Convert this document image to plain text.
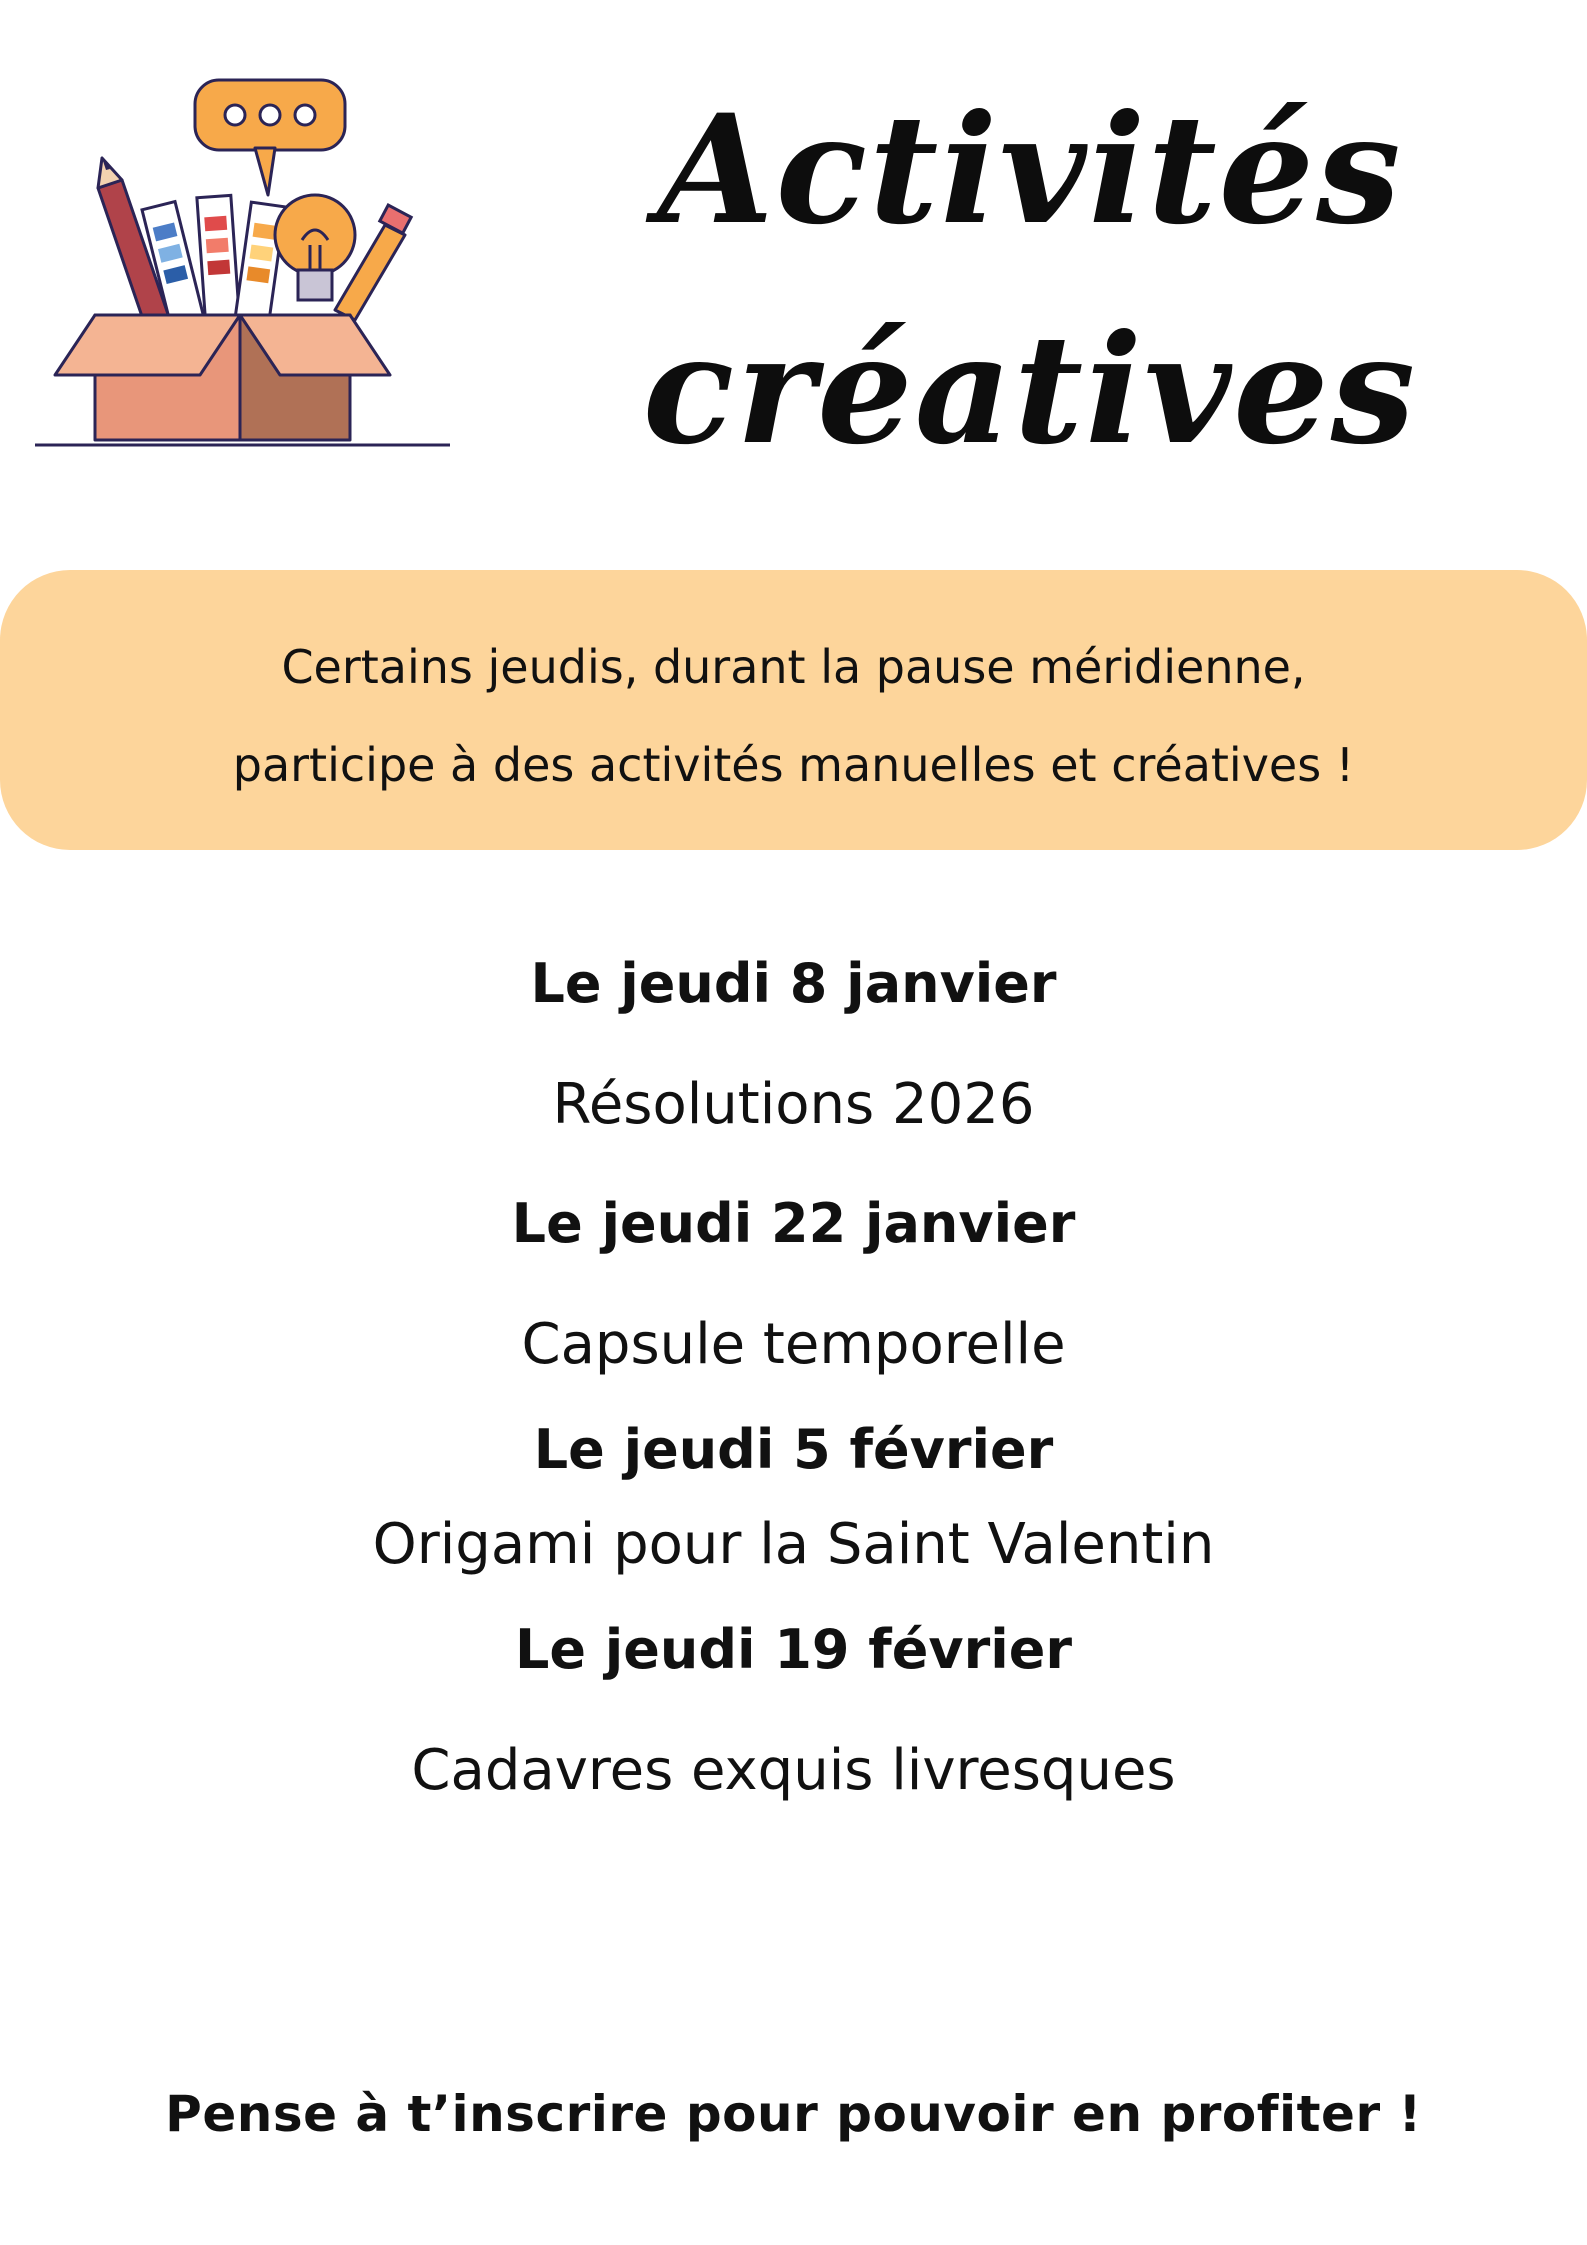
Activités
créatives

Certains jeudis, durant la pause méridienne,

participe à des activités manuelles et créatives !

Le jeudi 8 janvier
Résolutions 2026
Le jeudi 22 janvier
Capsule temporelle
Le jeudi 5 février
Origami pour la Saint Valentin
Le jeudi 19 février
Cadavres exquis livresques
Pense à t’inscrire pour pouvoir en profiter !
